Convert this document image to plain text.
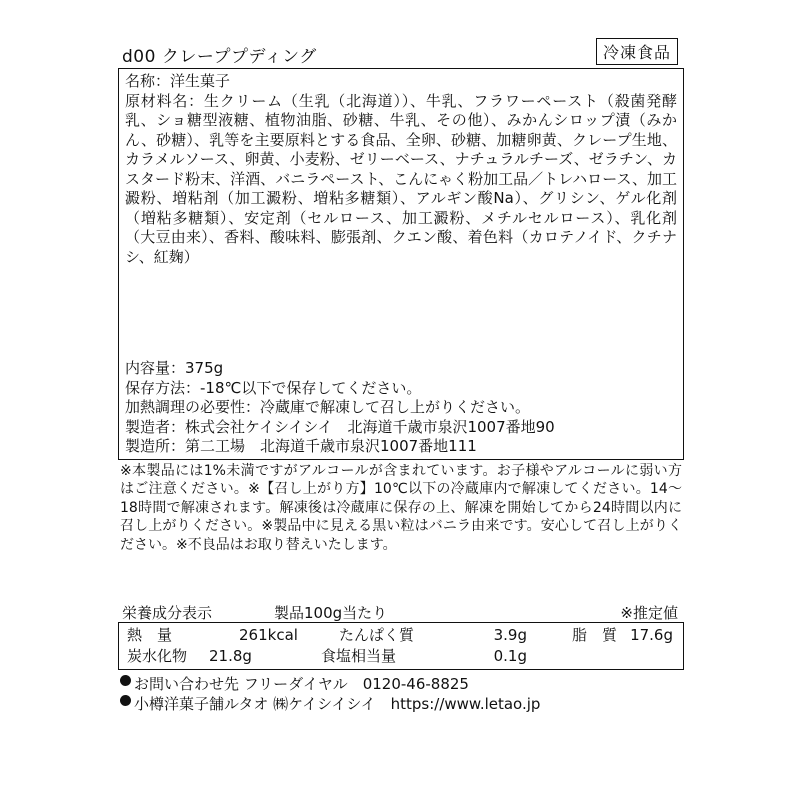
d00 クレーププディング	冷凍食品
名称：洋生菓子
原材料名：生クリーム（生乳（北海道））、牛乳、フラワーペースト（殺菌発酵乳、ショ糖型液糖、植物油脂、砂糖、牛乳、その他）、みかんシロップ漬（みかん、砂糖）、乳等を主要原料とする食品、全卵、砂糖、加糖卵黄、クレープ生地、カラメルソース、卵黄、小麦粉、ゼリーベース、ナチュラルチーズ、ゼラチン、カスタード粉末、洋酒、バニラペースト、こんにゃく粉加工品／トレハロース、加工澱粉、増粘剤（加工澱粉、増粘多糖類）、アルギン酸Na）、グリシン、ゲル化剤（増粘多糖類）、安定剤（セルロース、加工澱粉、メチルセルロース）、乳化剤（大豆由来）、香料、酸味料、膨張剤、クエン酸、着色料（カロテノイド、クチナシ、紅麹）
内容量：375g
保存方法：-18℃以下で保存してください。
加熱調理の必要性：冷蔵庫で解凍して召し上がりください。
製造者：株式会社ケイシイシイ　北海道千歳市泉沢1007番地90
製造所：第二工場　北海道千歳市泉沢1007番地111
※本製品には1%未満ですがアルコールが含まれています。お子様やアルコールに弱い方はご注意ください。※【召し上がり方】10℃以下の冷蔵庫内で解凍してください。14〜18時間で解凍されます。解凍後は冷蔵庫に保存の上、解凍を開始してから24時間以内に召し上がりください。※製品中に見える黒い粒はバニラ由来です。安心して召し上がりください。※不良品はお取り替えいたします。
栄養成分表示	製品100g当たり	※推定値
熱　量	261kcal	たんぱく質	3.9g	脂　質 17.6g
炭水化物	21.8g	食塩相当量	0.1g
お問い合わせ先 フリーダイヤル　0120-46-8825
小樽洋菓子舗ルタオ ㈱ケイシイシイ　https://www.letao.jp
